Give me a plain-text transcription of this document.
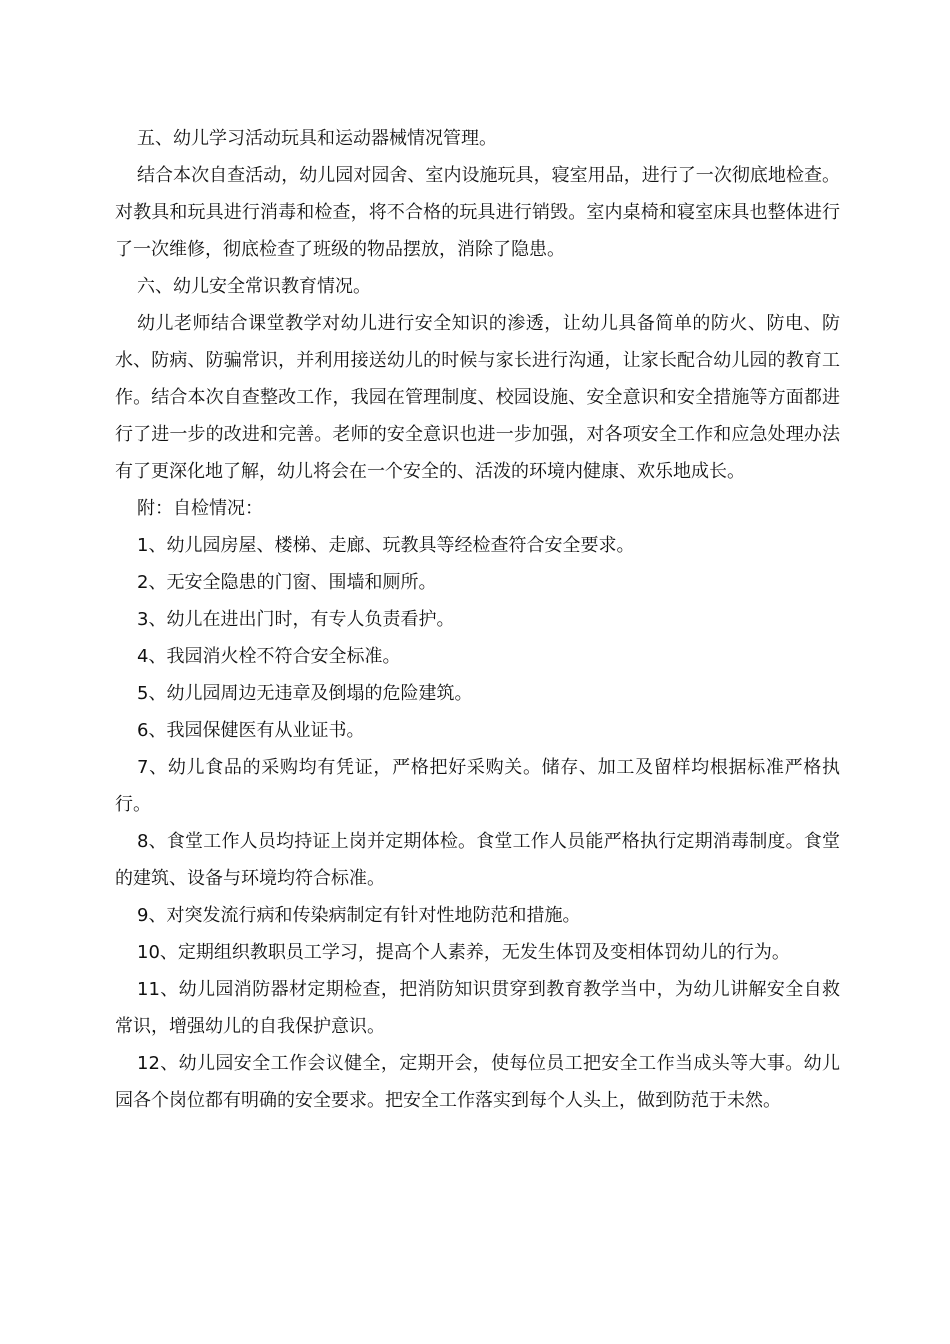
五、幼儿学习活动玩具和运动器械情况管理。

结合本次自查活动，幼儿园对园舍、室内设施玩具，寝室用品，进行了一次彻底地检查。对教具和玩具进行消毒和检查，将不合格的玩具进行销毁。室内桌椅和寝室床具也整体进行了一次维修，彻底检查了班级的物品摆放，消除了隐患。

六、幼儿安全常识教育情况。

幼儿老师结合课堂教学对幼儿进行安全知识的渗透，让幼儿具备简单的防火、防电、防水、防病、防骗常识，并利用接送幼儿的时候与家长进行沟通，让家长配合幼儿园的教育工作。结合本次自查整改工作，我园在管理制度、校园设施、安全意识和安全措施等方面都进行了进一步的改进和完善。老师的安全意识也进一步加强，对各项安全工作和应急处理办法有了更深化地了解，幼儿将会在一个安全的、活泼的环境内健康、欢乐地成长。

附：自检情况：

1、幼儿园房屋、楼梯、走廊、玩教具等经检查符合安全要求。

2、无安全隐患的门窗、围墙和厕所。

3、幼儿在进出门时，有专人负责看护。

4、我园消火栓不符合安全标准。

5、幼儿园周边无违章及倒塌的危险建筑。

6、我园保健医有从业证书。

7、幼儿食品的采购均有凭证，严格把好采购关。储存、加工及留样均根据标准严格执行。

8、食堂工作人员均持证上岗并定期体检。食堂工作人员能严格执行定期消毒制度。食堂的建筑、设备与环境均符合标准。

9、对突发流行病和传染病制定有针对性地防范和措施。

10、定期组织教职员工学习，提高个人素养，无发生体罚及变相体罚幼儿的行为。

11、幼儿园消防器材定期检查，把消防知识贯穿到教育教学当中，为幼儿讲解安全自救常识，增强幼儿的自我保护意识。

12、幼儿园安全工作会议健全，定期开会，使每位员工把安全工作当成头等大事。幼儿园各个岗位都有明确的安全要求。把安全工作落实到每个人头上，做到防范于未然。
